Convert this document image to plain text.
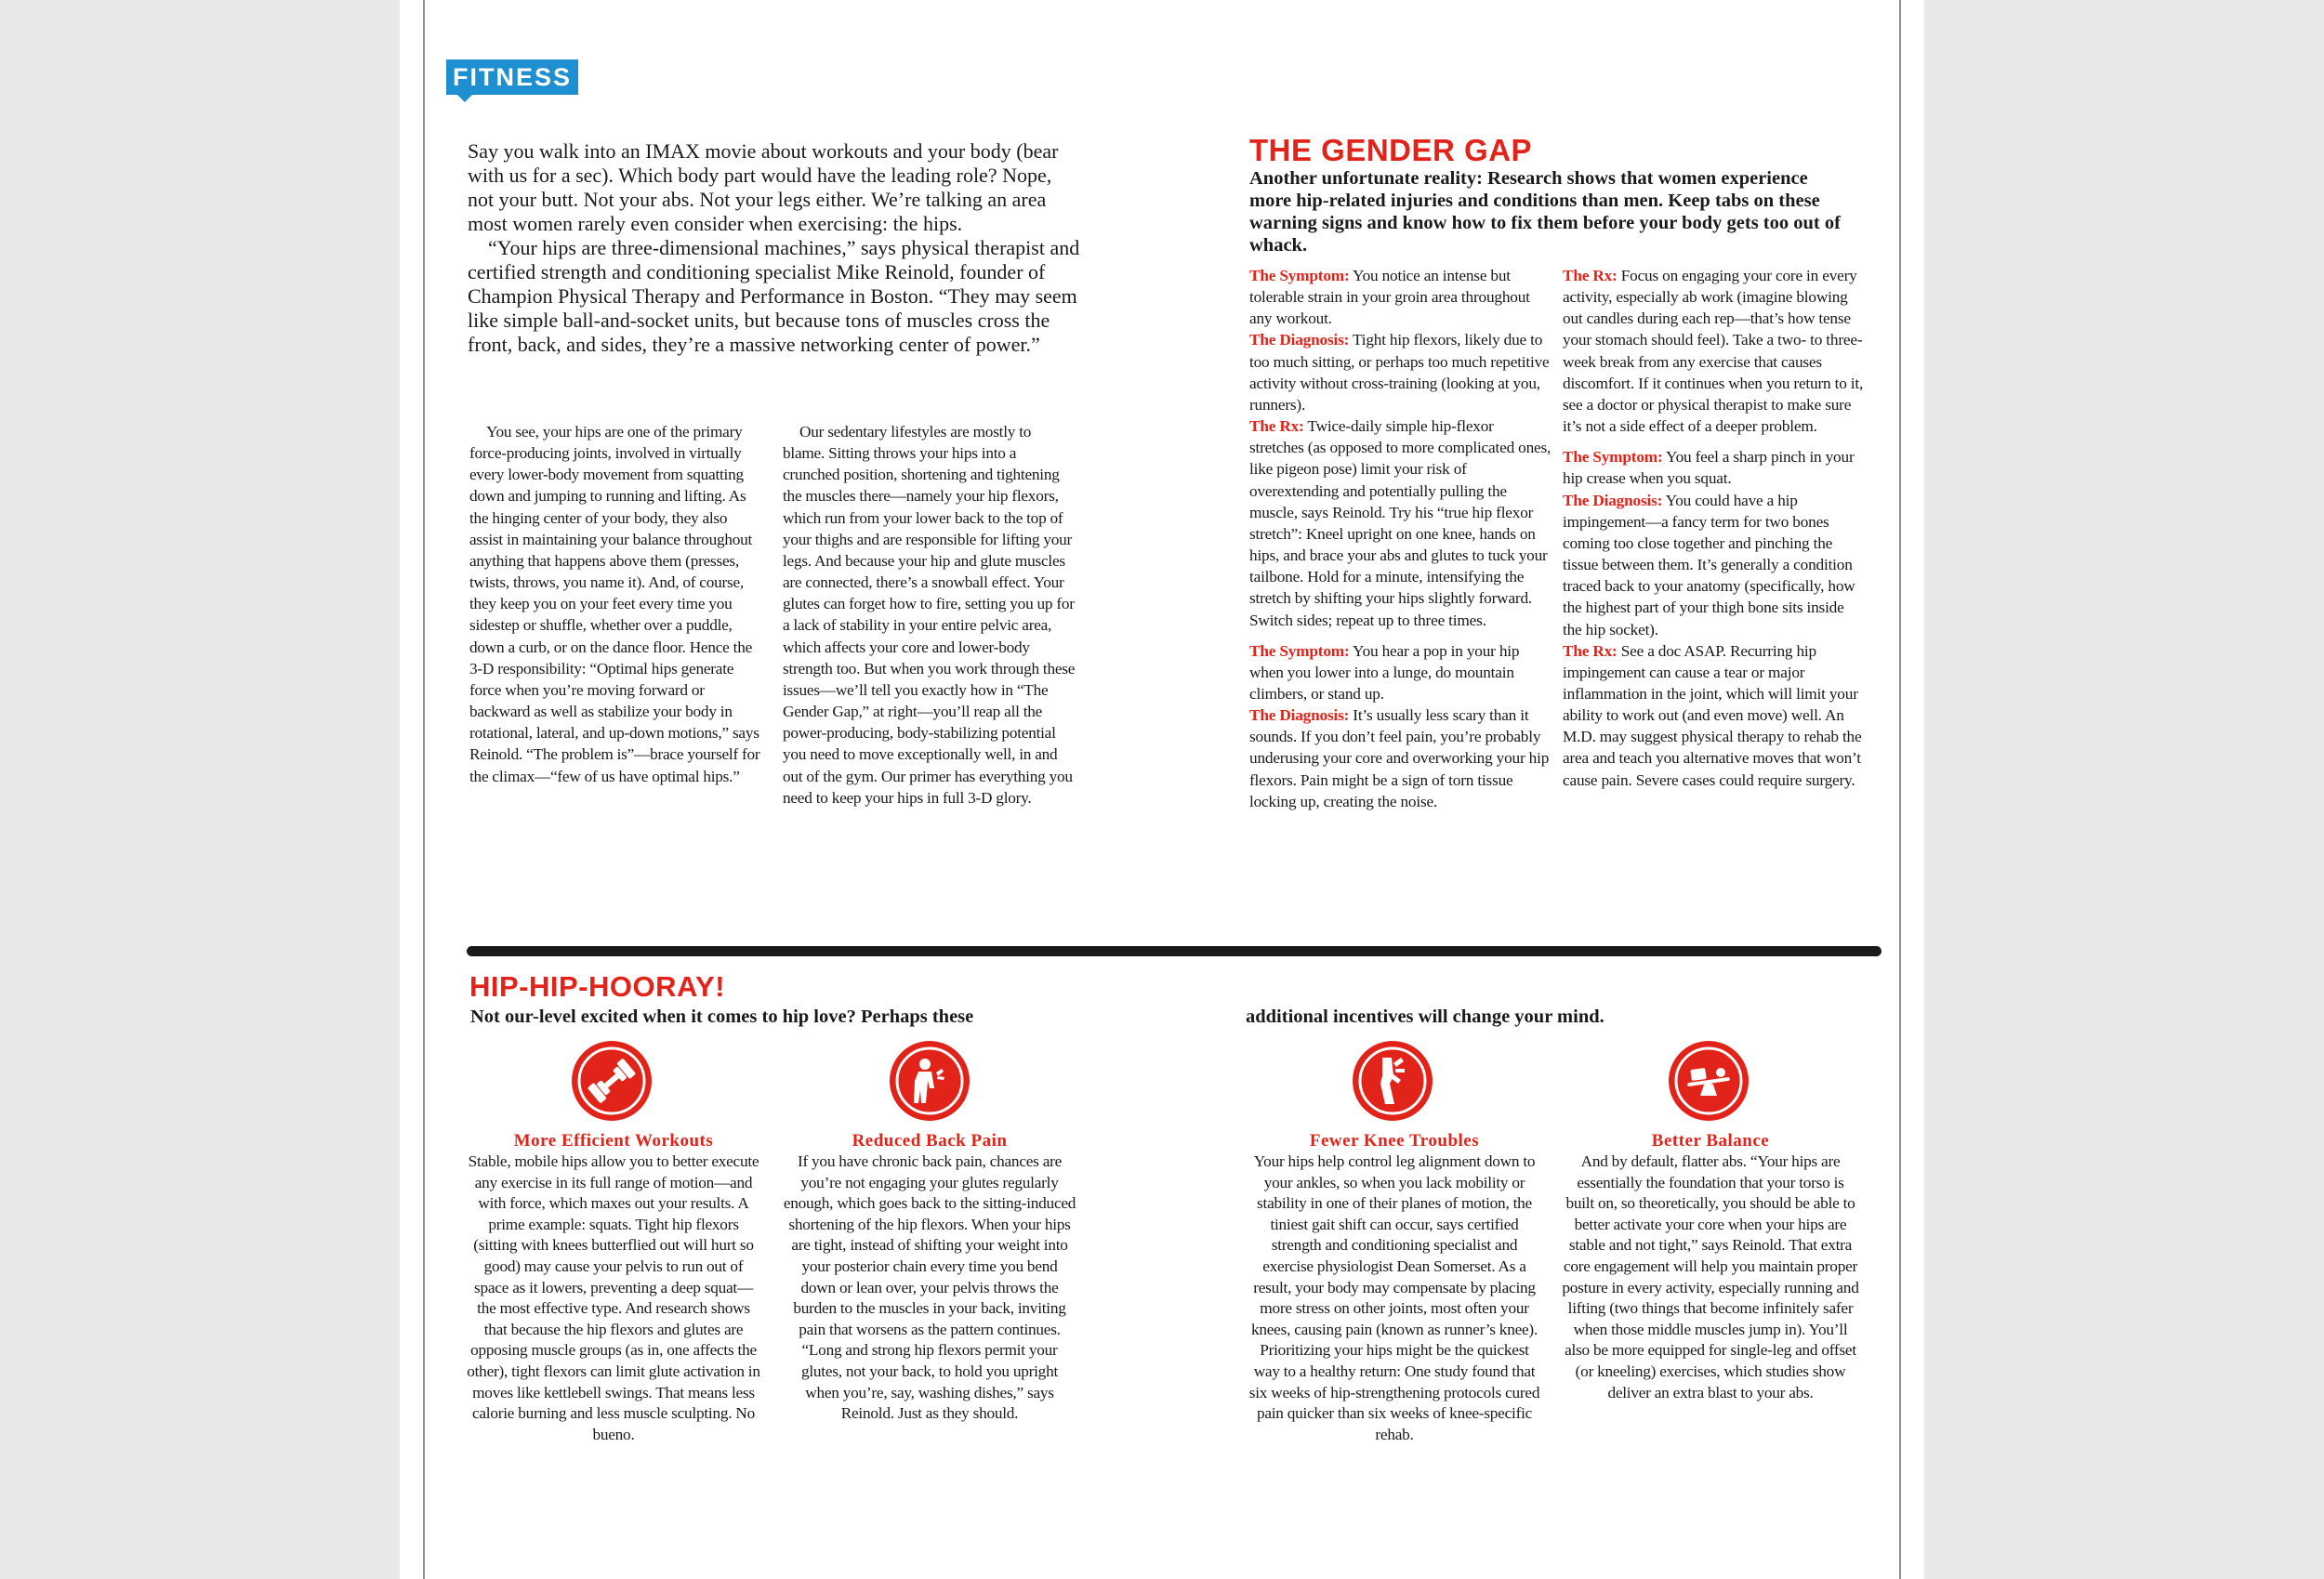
FITNESS

Say you walk into an IMAX movie about workouts and your body (bear with us for a sec). Which body part would have the leading role? Nope, not your butt. Not your abs. Not your legs either. We’re talking an area most women rarely even consider when exercising: the hips.

“Your hips are three-dimensional machines,” says physical therapist and certified strength and conditioning specialist Mike Reinold, founder of Champion Physical Therapy and Performance in Boston. “They may seem like simple ball-and-socket units, but because tons of muscles cross the front, back, and sides, they’re a massive networking center of power.”

You see, your hips are one of the primary force-producing joints, involved in virtually every lower-body movement from squatting down and jumping to running and lifting. As the hinging center of your body, they also assist in maintaining your balance throughout anything that happens above them (presses, twists, throws, you name it). And, of course, they keep you on your feet every time you sidestep or shuffle, whether over a puddle, down a curb, or on the dance floor. Hence the 3-D responsibility: “Optimal hips generate force when you’re moving forward or backward as well as stabilize your body in rotational, lateral, and up-down motions,” says Reinold. “The problem is”—brace yourself for the climax—“few of us have optimal hips.”

Our sedentary lifestyles are mostly to blame. Sitting throws your hips into a crunched position, shortening and tightening the muscles there—namely your hip flexors, which run from your lower back to the top of your thighs and are responsible for lifting your legs. And because your hip and glute muscles are connected, there’s a snowball effect. Your glutes can forget how to fire, setting you up for a lack of stability in your entire pelvic area, which affects your core and lower-body strength too. But when you work through these issues—we’ll tell you exactly how in “The Gender Gap,” at right—you’ll reap all the power-producing, body-stabilizing potential you need to move exceptionally well, in and out of the gym. Our primer has everything you need to keep your hips in full 3-D glory.

THE GENDER GAP
Another unfortunate reality: Research shows that women experience more hip-related injuries and conditions than men. Keep tabs on these warning signs and know how to fix them before your body gets too out of whack.

The Symptom: You notice an intense but tolerable strain in your groin area throughout any workout.

The Diagnosis: Tight hip flexors, likely due to too much sitting, or perhaps too much repetitive activity without cross-training (looking at you, runners).

The Rx: Twice-daily simple hip-flexor stretches (as opposed to more complicated ones, like pigeon pose) limit your risk of overextending and potentially pulling the muscle, says Reinold. Try his “true hip flexor stretch”: Kneel upright on one knee, hands on hips, and brace your abs and glutes to tuck your tailbone. Hold for a minute, intensifying the stretch by shifting your hips slightly forward. Switch sides; repeat up to three times.

The Symptom: You hear a pop in your hip when you lower into a lunge, do mountain climbers, or stand up.

The Diagnosis: It’s usually less scary than it sounds. If you don’t feel pain, you’re probably underusing your core and overworking your hip flexors. Pain might be a sign of torn tissue locking up, creating the noise.

The Rx: Focus on engaging your core in every activity, especially ab work (imagine blowing out candles during each rep—that’s how tense your stomach should feel). Take a two- to three-week break from any exercise that causes discomfort. If it continues when you return to it, see a doctor or physical therapist to make sure it’s not a side effect of a deeper problem.

The Symptom: You feel a sharp pinch in your hip crease when you squat.

The Diagnosis: You could have a hip impingement—a fancy term for two bones coming too close together and pinching the tissue between them. It’s generally a condition traced back to your anatomy (specifically, how the highest part of your thigh bone sits inside the hip socket).

The Rx: See a doc ASAP. Recurring hip impingement can cause a tear or major inflammation in the joint, which will limit your ability to work out (and even move) well. An M.D. may suggest physical therapy to rehab the area and teach you alternative moves that won’t cause pain. Severe cases could require surgery.

HIP-HIP-HOORAY!
Not our-level excited when it comes to hip love? Perhaps these	additional incentives will change your mind.
More Efficient Workouts
Stable, mobile hips allow you to better execute any exercise in its full range of motion—and with force, which maxes out your results. A prime example: squats. Tight hip flexors (sitting with knees butterflied out will hurt so good) may cause your pelvis to run out of space as it lowers, preventing a deep squat—the most effective type. And research shows that because the hip flexors and glutes are opposing muscle groups (as in, one affects the other), tight flexors can limit glute activation in moves like kettlebell swings. That means less calorie burning and less muscle sculpting. No bueno.
Reduced Back Pain
If you have chronic back pain, chances are you’re not engaging your glutes regularly enough, which goes back to the sitting-induced shortening of the hip flexors. When your hips are tight, instead of shifting your weight into your posterior chain every time you bend down or lean over, your pelvis throws the burden to the muscles in your back, inviting pain that worsens as the pattern continues. “Long and strong hip flexors permit your glutes, not your back, to hold you upright when you’re, say, washing dishes,” says Reinold. Just as they should.
Fewer Knee Troubles
Your hips help control leg alignment down to your ankles, so when you lack mobility or stability in one of their planes of motion, the tiniest gait shift can occur, says certified strength and conditioning specialist and exercise physiologist Dean Somerset. As a result, your body may compensate by placing more stress on other joints, most often your knees, causing pain (known as runner’s knee). Prioritizing your hips might be the quickest way to a healthy return: One study found that six weeks of hip-strengthening protocols cured pain quicker than six weeks of knee-specific rehab.
Better Balance
And by default, flatter abs. “Your hips are essentially the foundation that your torso is built on, so theoretically, you should be able to better activate your core when your hips are stable and not tight,” says Reinold. That extra core engagement will help you maintain proper posture in every activity, especially running and lifting (two things that become infinitely safer when those middle muscles jump in). You’ll also be more equipped for single-leg and offset (or kneeling) exercises, which studies show deliver an extra blast to your abs.
